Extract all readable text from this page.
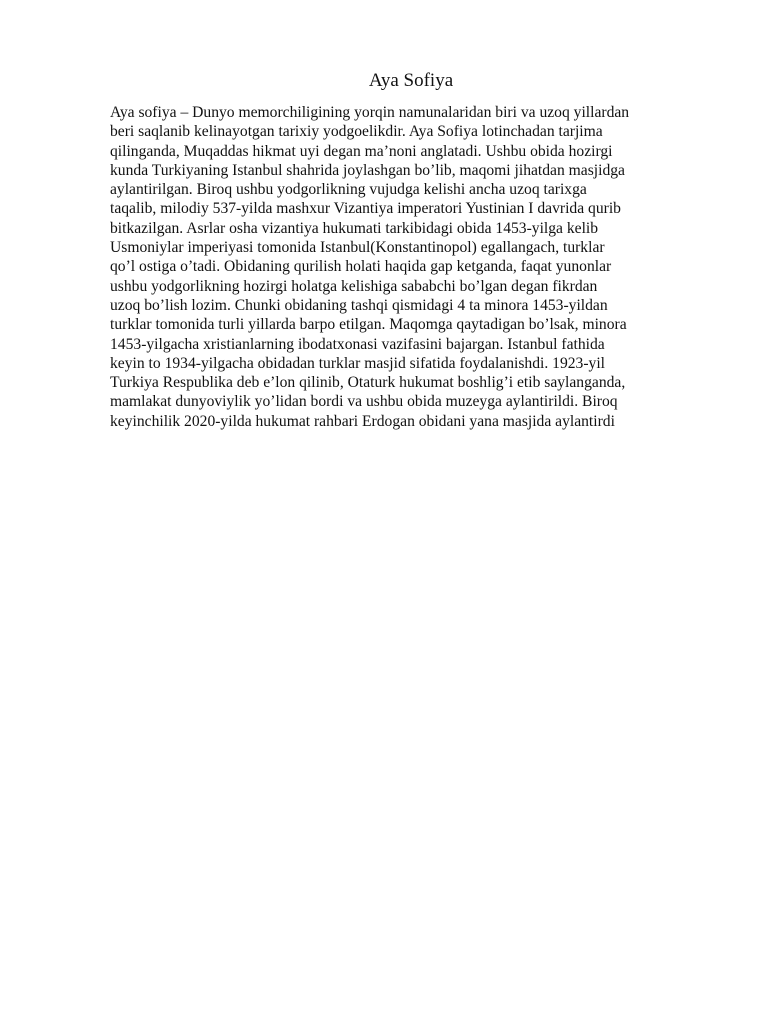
Aya Sofiya
Aya sofiya – Dunyo memorchiligining yorqin namunalaridan biri va uzoq yillardan
beri saqlanib kelinayotgan tarixiy yodgoelikdir. Aya Sofiya lotinchadan tarjima
qilinganda, Muqaddas hikmat uyi degan ma’noni anglatadi. Ushbu obida hozirgi
kunda Turkiyaning Istanbul shahrida joylashgan bo’lib, maqomi jihatdan masjidga
aylantirilgan. Biroq ushbu yodgorlikning vujudga kelishi ancha uzoq tarixga
taqalib, milodiy 537-yilda mashxur Vizantiya imperatori Yustinian I davrida qurib
bitkazilgan. Asrlar osha vizantiya hukumati tarkibidagi obida 1453-yilga kelib
Usmoniylar imperiyasi tomonida Istanbul(Konstantinopol) egallangach, turklar
qo’l ostiga o’tadi. Obidaning qurilish holati haqida gap ketganda, faqat yunonlar
ushbu yodgorlikning hozirgi holatga kelishiga sababchi bo’lgan degan fikrdan
uzoq bo’lish lozim. Chunki obidaning tashqi qismidagi 4 ta minora 1453-yildan
turklar tomonida turli yillarda barpo etilgan. Maqomga qaytadigan bo’lsak, minora
1453-yilgacha xristianlarning ibodatxonasi vazifasini bajargan. Istanbul fathida
keyin to 1934-yilgacha obidadan turklar masjid sifatida foydalanishdi. 1923-yil
Turkiya Respublika deb e’lon qilinib, Otaturk hukumat boshlig’i etib saylanganda,
mamlakat dunyoviylik yo’lidan bordi va ushbu obida muzeyga aylantirildi. Biroq
keyinchilik 2020-yilda hukumat rahbari Erdogan obidani yana masjida aylantirdi
